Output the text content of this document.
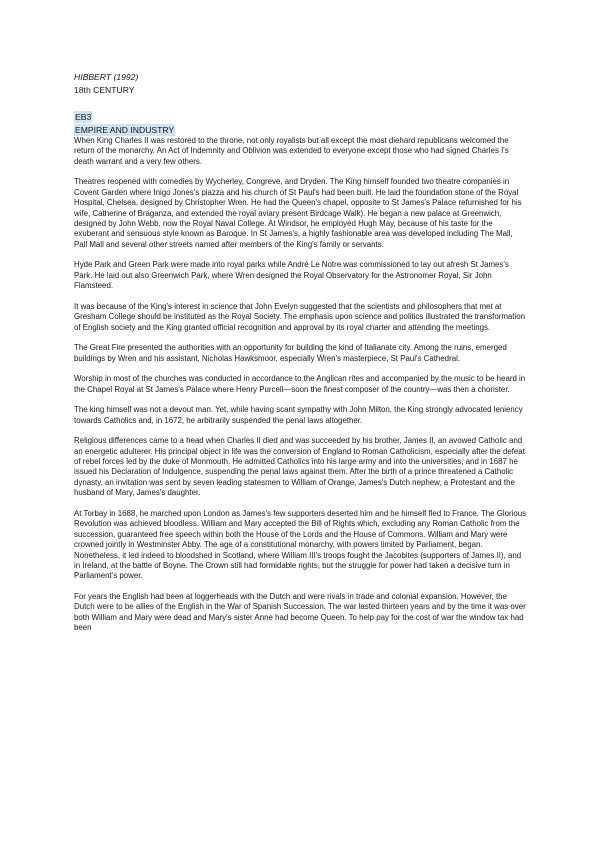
HIBBERT (1992)

18th CENTURY

EB3
EMPIRE AND INDUSTRY

When King Charles II was restored to the throne, not only royalists but all except the most diehard republicans welcomed the return of the monarchy. An Act of Indemnity and Oblivion was extended to everyone except those who had signed Charles I's death warrant and a very few others.

Theatres reopened with comedies by Wycherley, Congreve, and Dryden. The King himself founded two theatre companies in Covent Garden where Inigo Jones's piazza and his church of St Paul's had been built. He laid the foundation stone of the Royal Hospital, Chelsea, designed by Christopher Wren. He had the Queen's chapel, opposite to St James's Palace refurnished for his wife, Catherine of Braganza, and extended the royal aviary present Birdcage Walk). He began a new palace at Greenwich, designed by John Webb, now the Royal Naval College. At Windsor, he employed Hugh May, because of his taste for the exuberant and sensuous style known as Baroque. In St James's, a highly fashionable area was developed including The Mall, Pall Mall and several other streets named after members of the King's family or servants.

Hyde Park and Green Park were made into royal parks while André Le Notre was commissioned to lay out afresh St James's Park. He laid out also Greenwich Park, where Wren designed the Royal Observatory for the Astronomer Royal, Sir John Flamsteed.

It was because of the King's interest in science that John Evelyn suggested that the scientists and philosophers that met at Gresham College should be instituted as the Royal Society. The emphasis upon science and politics illustrated the transformation of English society and the King granted official recognition and approval by its royal charter and attending the meetings.

The Great Fire presented the authorities with an opportunity for building the kind of Italianate city. Among the ruins, emerged buildings by Wren and his assistant, Nicholas Hawksmoor, especially Wren's masterpiece, St Paul's Cathedral.

Worship in most of the churches was conducted in accordance to the Anglican rites and accompanied by the music to be heard in the Chapel Royal at St James's Palace where Henry Purcell—soon the finest composer of the country—was then a chorister.

The king himself was not a devout man. Yet, while having scant sympathy with John Milton, the King strongly advocated leniency towards Catholics and, in 1672, he arbitrarily suspended the penal laws altogether.

Religious differences came to a head when Charles II died and was succeeded by his brother, James II, an avowed Catholic and an energetic adulterer. His principal object in life was the conversion of England to Roman Catholicism, especially after the defeat of rebel forces led by the duke of Monmouth. He admitted Catholics into his large army and into the universities, and in 1687 he issued his Declaration of Indulgence, suspending the penal laws against them. After the birth of a prince threatened a Catholic dynasty, an invitation was sent by seven leading statesmen to William of Orange, James's Dutch nephew, a Protestant and the husband of Mary, James's daughter.

At Torbay in 1688, he marched upon London as James's few supporters deserted him and he himself fled to France. The Glorious Revolution was achieved bloodless. William and Mary accepted the Bill of Rights which, excluding any Roman Catholic from the succession, guaranteed free speech within both the House of the Lords and the House of Commons. William and Mary were crowned jointly in Westminster Abby. The age of a constitutional monarchy, with powers limited by Parliament, began. Nonetheless, it led indeed to bloodshed in Scotland, where William III's troops fought the Jacobites (supporters of James II), and in Ireland, at the battle of Boyne. The Crown still had formidable rights, but the struggle for power had taken a decisive turn in Parliament's power.

For years the English had been at loggerheads with the Dutch and were rivals in trade and colonial expansion. However, the Dutch were to be allies of the English in the War of Spanish Succession. The war lasted thirteen years and by the time it was over both William and Mary were dead and Mary's sister Anne had become Queen. To help pay for the cost of war the window tax had been
